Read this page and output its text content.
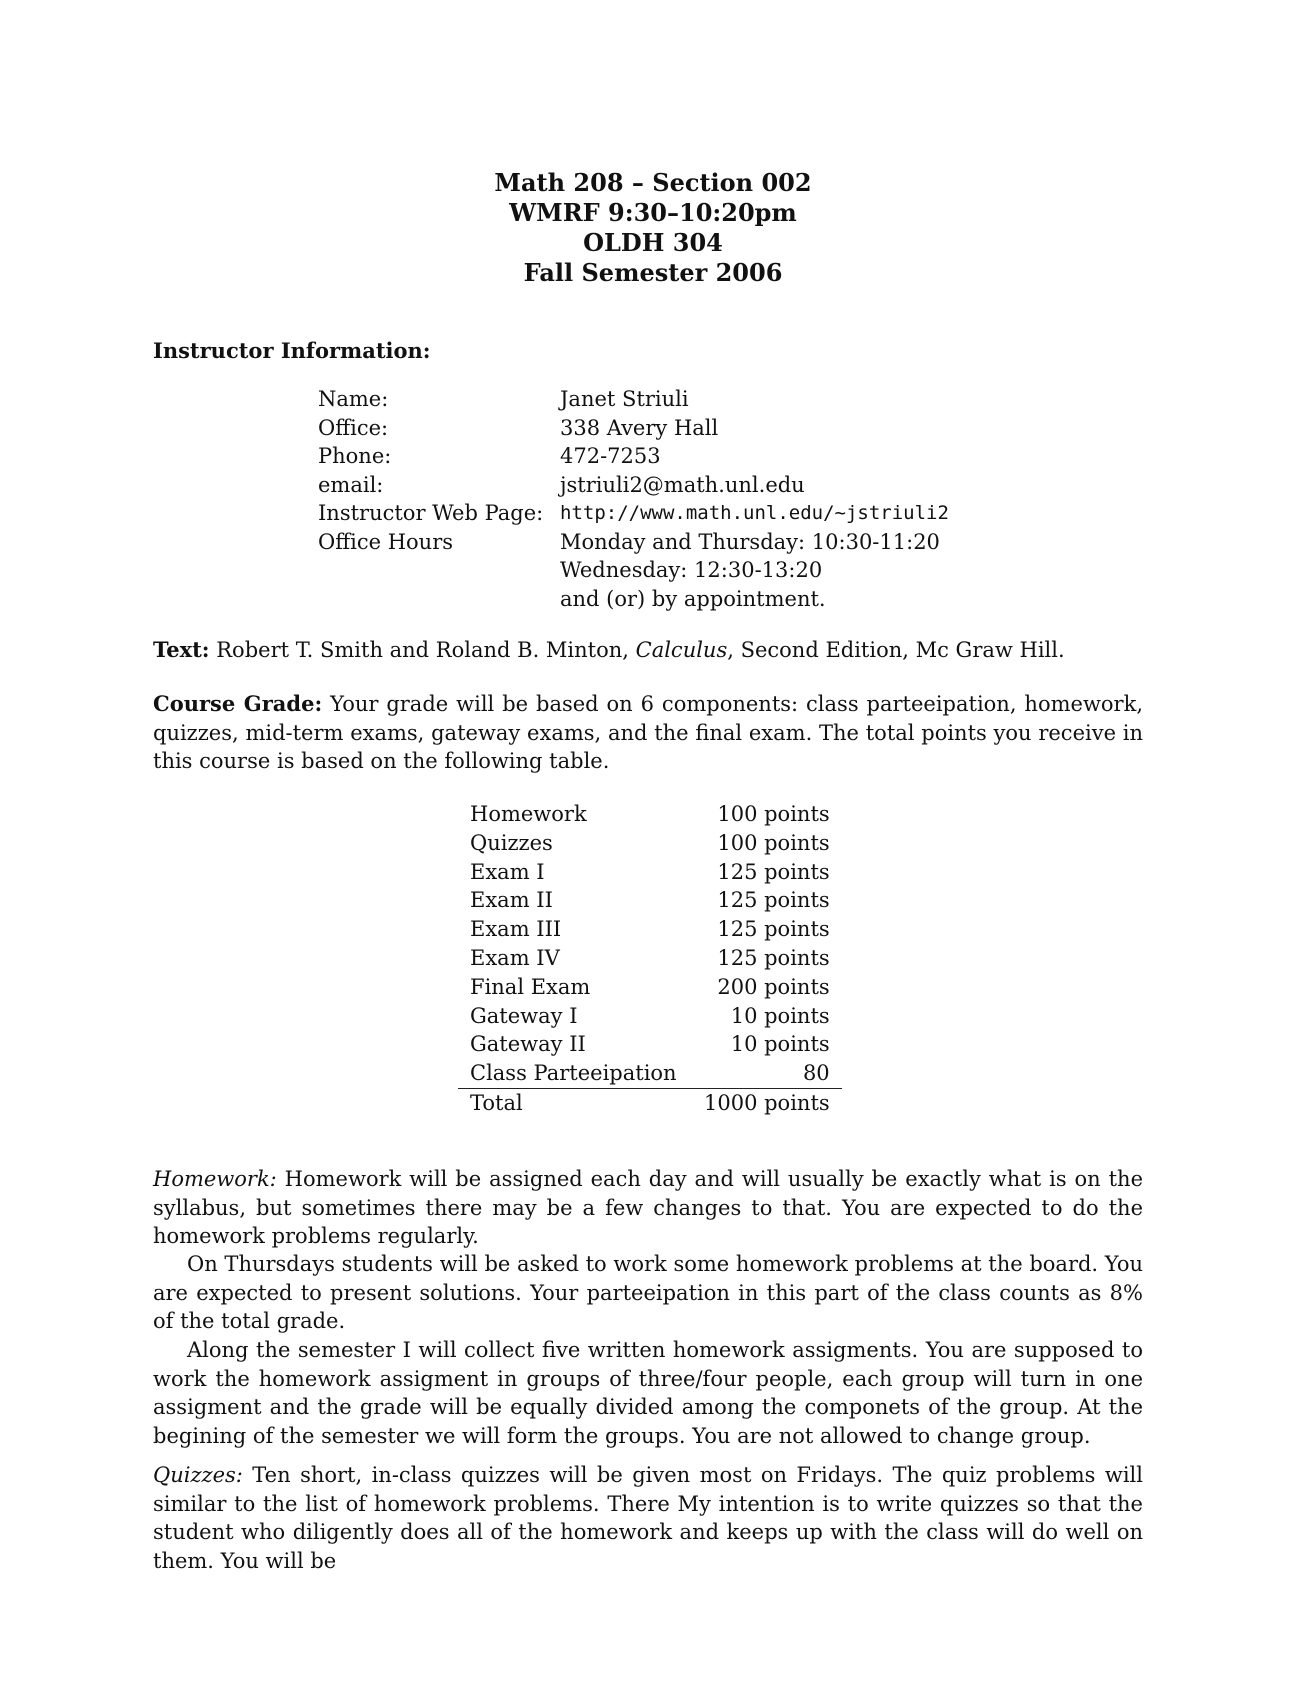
Math 208 – Section 002
WMRF 9:30–10:20pm
OLDH 304
Fall Semester 2006
Instructor Information:
Name:	Janet Striuli
Office:	338 Avery Hall
Phone:	472-7253
email:	jstriuli2@math.unl.edu
Instructor Web Page:	http://www.math.unl.edu/~jstriuli2
Office Hours	Monday and Thursday: 10:30-11:20
	Wednesday: 12:30-13:20
	and (or) by appointment.
Text: Robert T. Smith and Roland B. Minton, Calculus, Second Edition, Mc Graw Hill.
Course Grade: Your grade will be based on 6 components: class parteeipation, homework, quizzes, mid-term exams, gateway exams, and the final exam. The total points you receive in this course is based on the following table.
Homework	100 points
Quizzes	100 points
Exam I	125 points
Exam II	125 points
Exam III	125 points
Exam IV	125 points
Final Exam	200 points
Gateway I	10 points
Gateway II	10 points
Class Parteeipation	80
Total	1000 points
Homework: Homework will be assigned each day and will usually be exactly what is on the syllabus, but sometimes there may be a few changes to that. You are expected to do the homework problems regularly.
On Thursdays students will be asked to work some homework problems at the board. You are expected to present solutions. Your parteeipation in this part of the class counts as 8% of the total grade.
Along the semester I will collect five written homework assigments. You are supposed to work the homework assigment in groups of three/four people, each group will turn in one assigment and the grade will be equally divided among the componets of the group. At the begining of the semester we will form the groups. You are not allowed to change group.
Quizzes: Ten short, in-class quizzes will be given most on Fridays. The quiz problems will similar to the list of homework problems. There My intention is to write quizzes so that the student who diligently does all of the homework and keeps up with the class will do well on them. You will be
